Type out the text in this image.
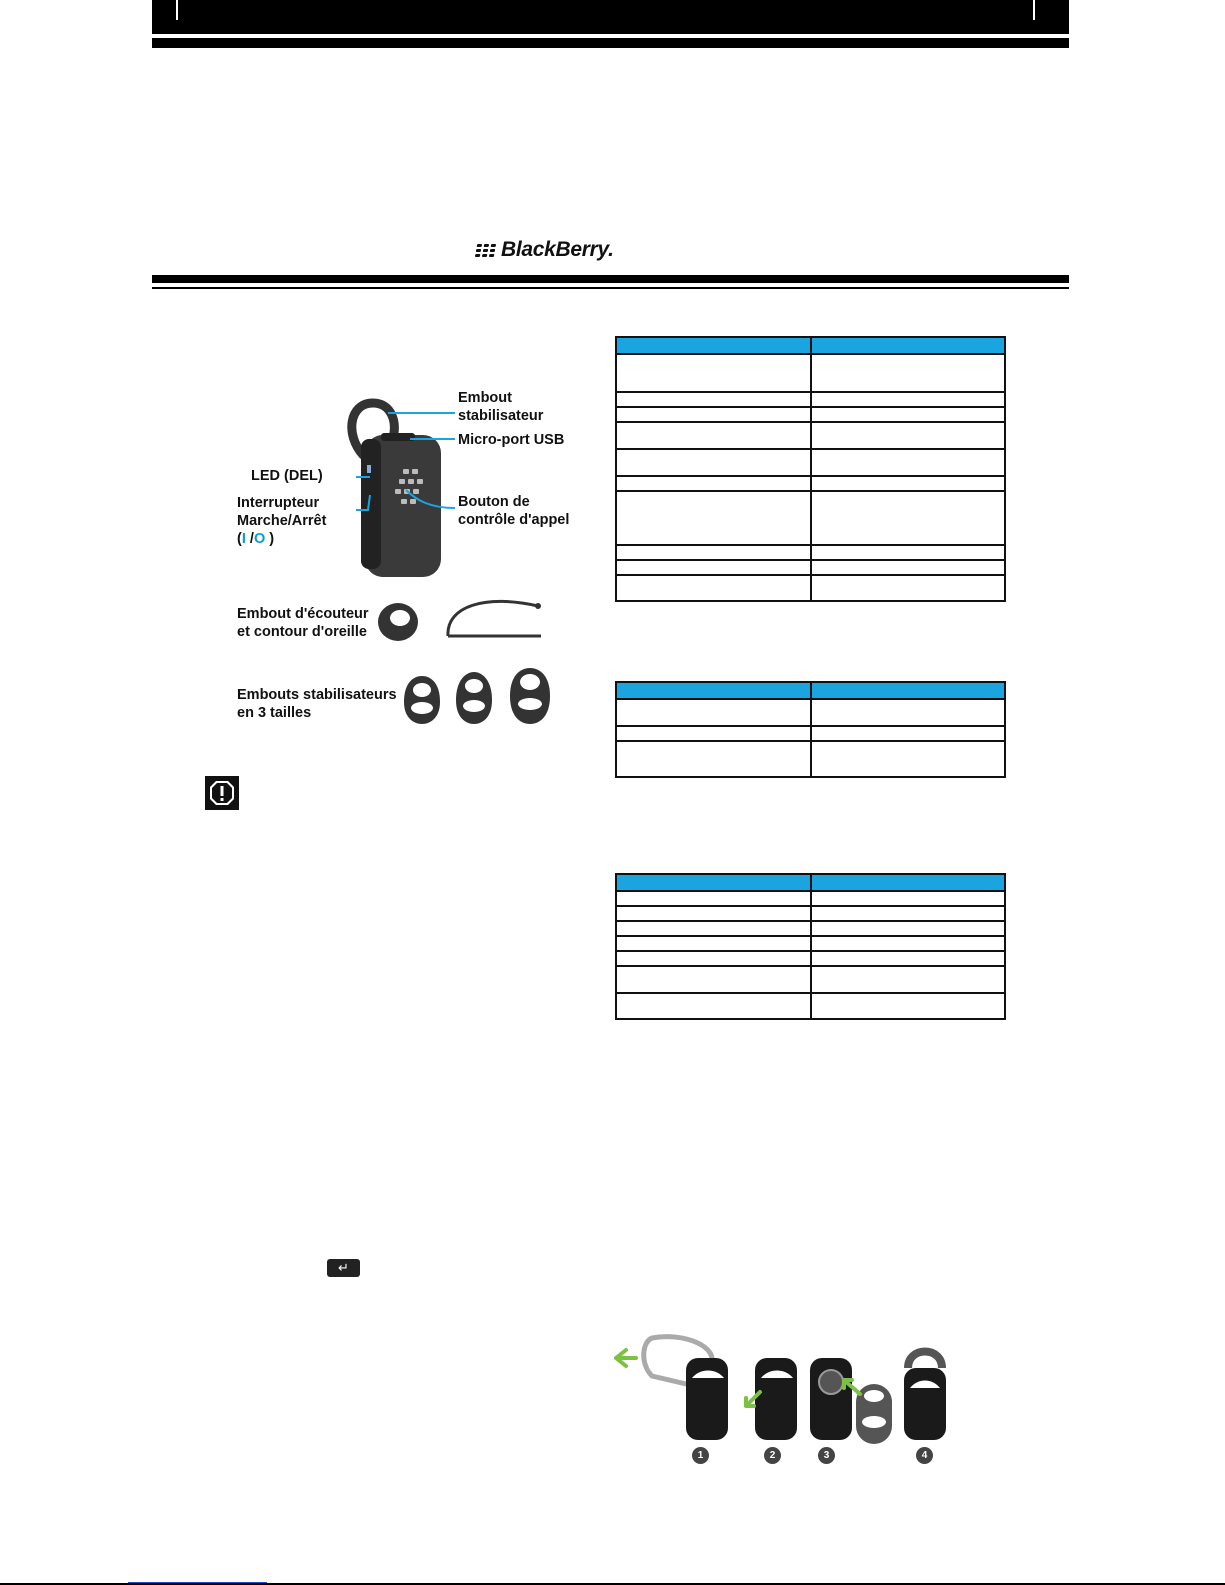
BlackBerry.
Embout
stabilisateur
Micro-port USB
LED (DEL)
Interrupteur
Marche/Arrêt
(I /O )
Bouton de
contrôle d'appel
Embout d'écouteur
et contour d'oreille
Embouts stabilisateurs
en 3 tailles

↵
1	2	3	4
